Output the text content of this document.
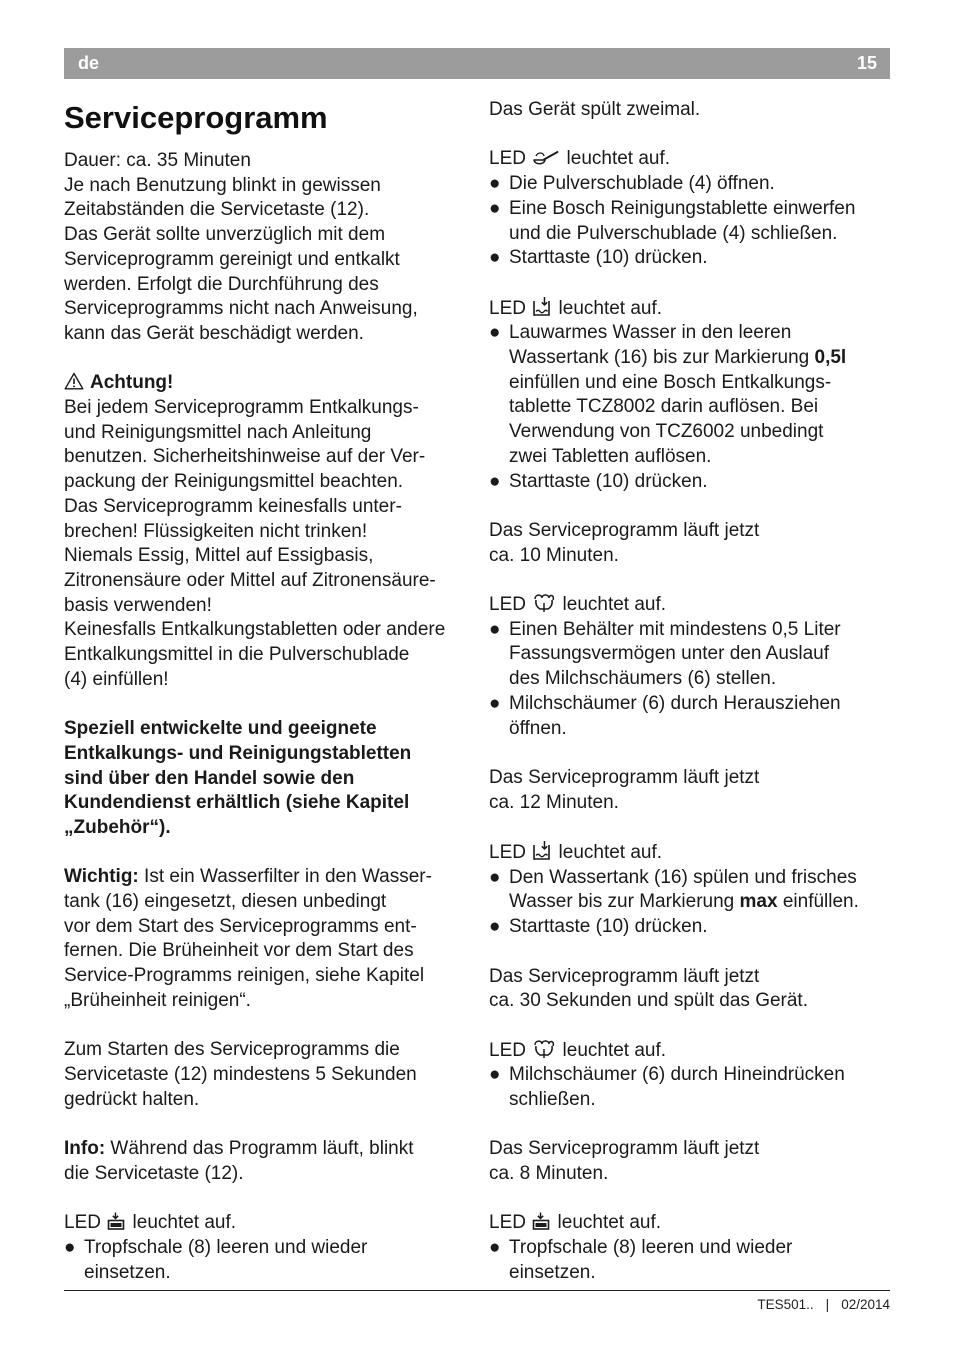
de	15
Serviceprogramm

Dauer: ca. 35 Minuten

Je nach Benutzung blinkt in gewissen

Zeitabständen die Servicetaste (12).

Das Gerät sollte unverzüglich mit dem

Serviceprogramm gereinigt und entkalkt

werden. Erfolgt die Durchführung des

Serviceprogramms nicht nach Anweisung,

kann das Gerät beschädigt werden.

Achtung!

Bei jedem Serviceprogramm Entkalkungs-

und Reinigungsmittel nach Anleitung

benutzen. Sicherheitshinweise auf der Ver-

packung der Reinigungsmittel beachten.

Das Serviceprogramm keinesfalls unter-

brechen! Flüssigkeiten nicht trinken!

Niemals Essig, Mittel auf Essigbasis,

Zitronensäure oder Mittel auf Zitronensäure-

basis verwenden!

Keinesfalls Entkalkungstabletten oder andere

Entkalkungsmittel in die Pulverschublade

(4) einfüllen!

Speziell entwickelte und geeignete

Entkalkungs- und Reinigungstabletten

sind über den Handel sowie den

Kundendienst erhältlich (siehe Kapitel

„Zubehör“).

Wichtig: Ist ein Wasserfilter in den Wasser-

tank (16) eingesetzt, diesen unbedingt

vor dem Start des Serviceprogramms ent-

fernen. Die Brüheinheit vor dem Start des

Service-Programms reinigen, siehe Kapitel

„Brüheinheit reinigen“.

Zum Starten des Serviceprogramms die

Servicetaste (12) mindestens 5 Sekunden

gedrückt halten.

Info: Während das Programm läuft, blinkt

die Servicetaste (12).

LED leuchtet auf.

● Tropfschale (8) leeren und wieder
einsetzen.

Das Gerät spült zweimal.

LED leuchtet auf.

● Die Pulverschublade (4) öffnen.
● Eine Bosch Reinigungstablette einwerfen
und die Pulverschublade (4) schließen.
● Starttaste (10) drücken.

LED leuchtet auf.

● Lauwarmes Wasser in den leeren
Wassertank (16) bis zur Markierung 0,5l
einfüllen und eine Bosch Entkalkungs-
tablette TCZ8002 darin auflösen. Bei
Verwendung von TCZ6002 unbedingt
zwei Tabletten auflösen.
● Starttaste (10) drücken.

Das Serviceprogramm läuft jetzt

ca. 10 Minuten.

LED leuchtet auf.

● Einen Behälter mit mindestens 0,5 Liter
Fassungsvermögen unter den Auslauf
des Milchschäumers (6) stellen.
● Milchschäumer (6) durch Herausziehen
öffnen.

Das Serviceprogramm läuft jetzt

ca. 12 Minuten.

LED leuchtet auf.

● Den Wassertank (16) spülen und frisches
Wasser bis zur Markierung max einfüllen.
● Starttaste (10) drücken.

Das Serviceprogramm läuft jetzt

ca. 30 Sekunden und spült das Gerät.

LED leuchtet auf.

● Milchschäumer (6) durch Hineindrücken
schließen.

Das Serviceprogramm läuft jetzt

ca. 8 Minuten.

LED leuchtet auf.

● Tropfschale (8) leeren und wieder
einsetzen.
TES501.. | 02/2014
